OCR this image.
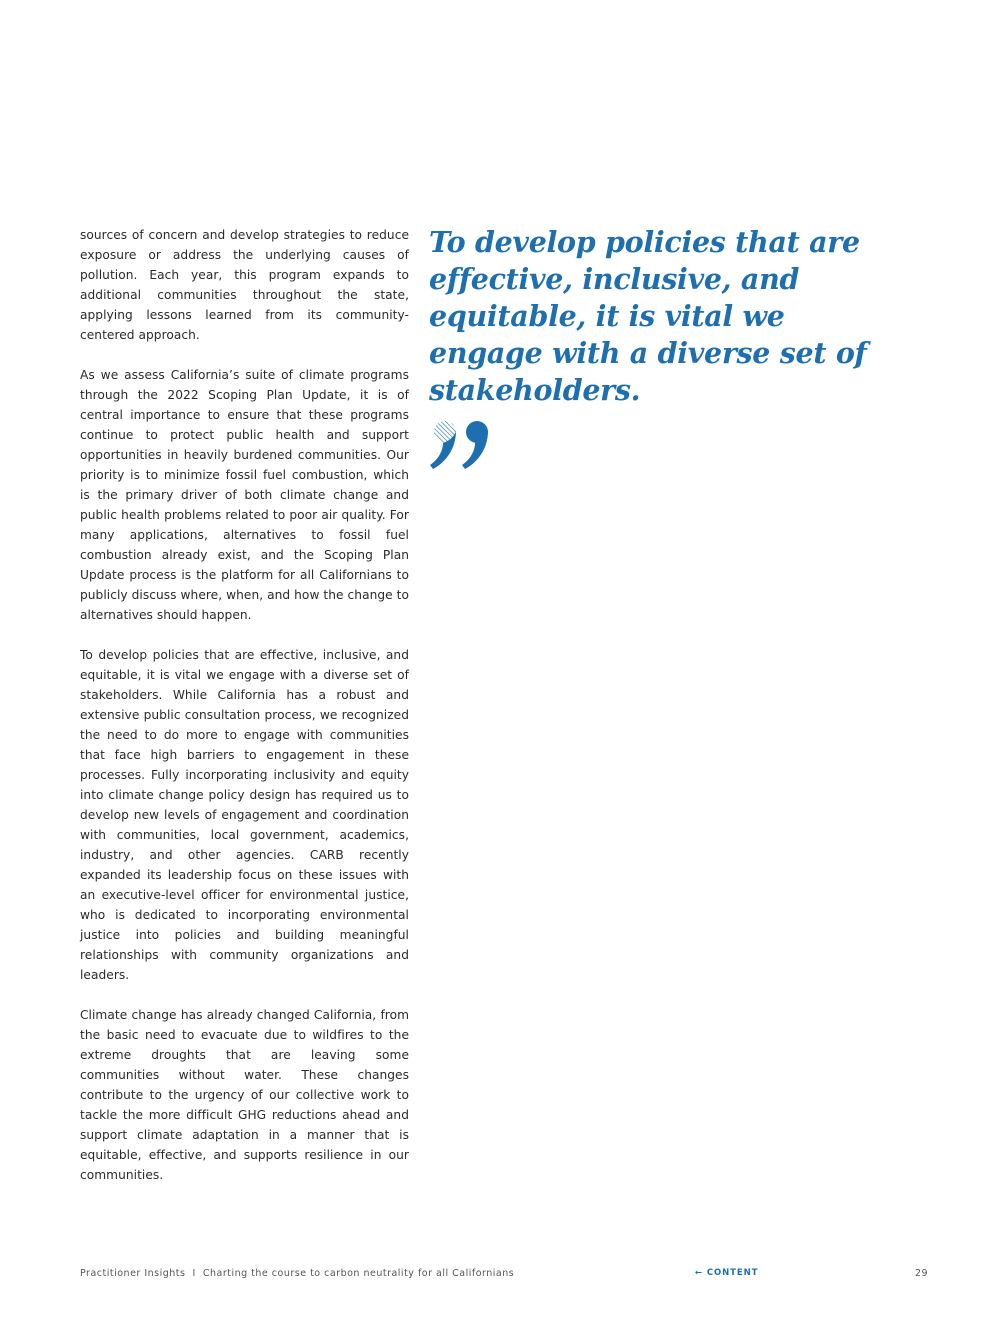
sources of concern and develop strategies to reduce exposure or address the underlying causes of pollution. Each year, this program expands to additional communities throughout the state, applying lessons learned from its community-centered approach.

As we assess California’s suite of climate programs through the 2022 Scoping Plan Update, it is of central importance to ensure that these programs continue to protect public health and support opportunities in heavily burdened communities. Our priority is to minimize fossil fuel combustion, which is the primary driver of both climate change and public health problems related to poor air quality. For many applications, alternatives to fossil fuel combustion already exist, and the Scoping Plan Update process is the platform for all Californians to publicly discuss where, when, and how the change to alternatives should happen.

To develop policies that are effective, inclusive, and equitable, it is vital we engage with a diverse set of stakeholders. While California has a robust and extensive public consultation process, we recognized the need to do more to engage with communities that face high barriers to engagement in these processes. Fully incorporating inclusivity and equity into climate change policy design has required us to develop new levels of engagement and coordination with communities, local government, academics, industry, and other agencies. CARB recently expanded its leadership focus on these issues with an executive-level officer for environmental justice, who is dedicated to incorporating environmental justice into policies and building meaningful relationships with community organizations and leaders.

Climate change has already changed California, from the basic need to evacuate due to wildfires to the extreme droughts that are leaving some communities without water. These changes contribute to the urgency of our collective work to tackle the more difficult GHG reductions ahead and support climate adaptation in a manner that is equitable, effective, and supports resilience in our communities.

To develop policies that are effective, inclusive, and equitable, it is vital we engage with a diverse set of stakeholders.

Practitioner Insights  I  Charting the course to carbon neutrality for all Californians	← CONTENT	29
